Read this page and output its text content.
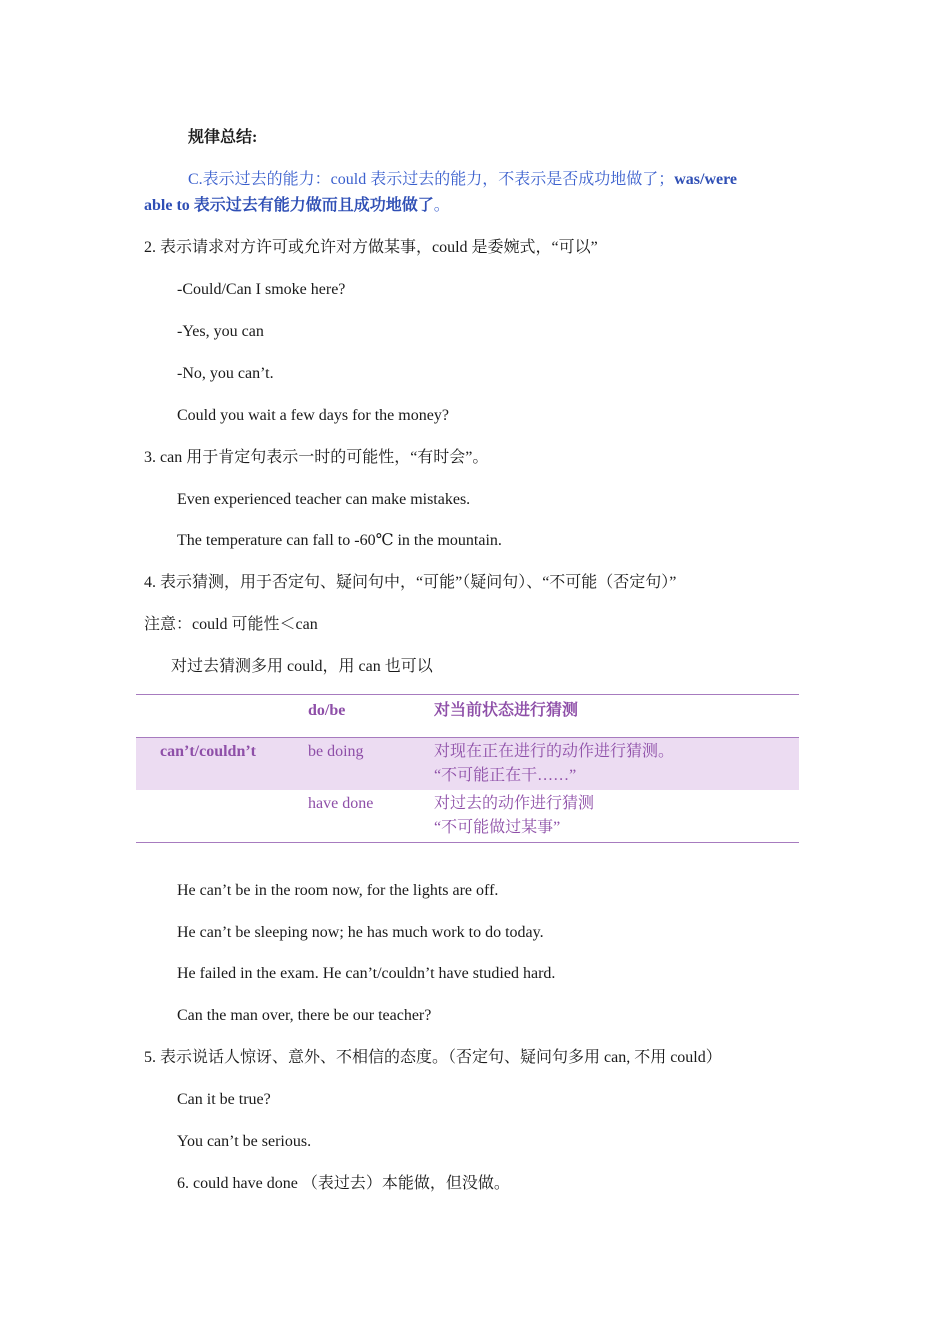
规律总结:
C.表示过去的能力：could 表示过去的能力，不表示是否成功地做了；was/were
able to 表示过去有能力做而且成功地做了。
2. 表示请求对方许可或允许对方做某事，could 是委婉式，“可以”
-Could/Can I smoke here?
-Yes, you can
-No, you can’t.
Could you wait a few days for the money?
3. can 用于肯定句表示一时的可能性，“有时会”。
Even experienced teacher can make mistakes.
The temperature can fall to -60℃ in the mountain.
4. 表示猜测，用于否定句、疑问句中，“可能”（疑问句）、“不可能（否定句）”
注意：could 可能性＜can
对过去猜测多用 could，用 can 也可以
	do/be	对当前状态进行猜测

can’t/couldn’t	be doing	对现在正在进行的动作进行猜测。
“不可能正在干……”

	have done	对过去的动作进行猜测
“不可能做过某事”
He can’t be in the room now, for the lights are off.
He can’t be sleeping now; he has much work to do today.
He failed in the exam. He can’t/couldn’t have studied hard.
Can the man over, there be our teacher?
5. 表示说话人惊讶、意外、不相信的态度。（否定句、疑问句多用 can, 不用 could）
Can it be true?
You can’t be serious.
6. could have done （表过去）本能做，但没做。
